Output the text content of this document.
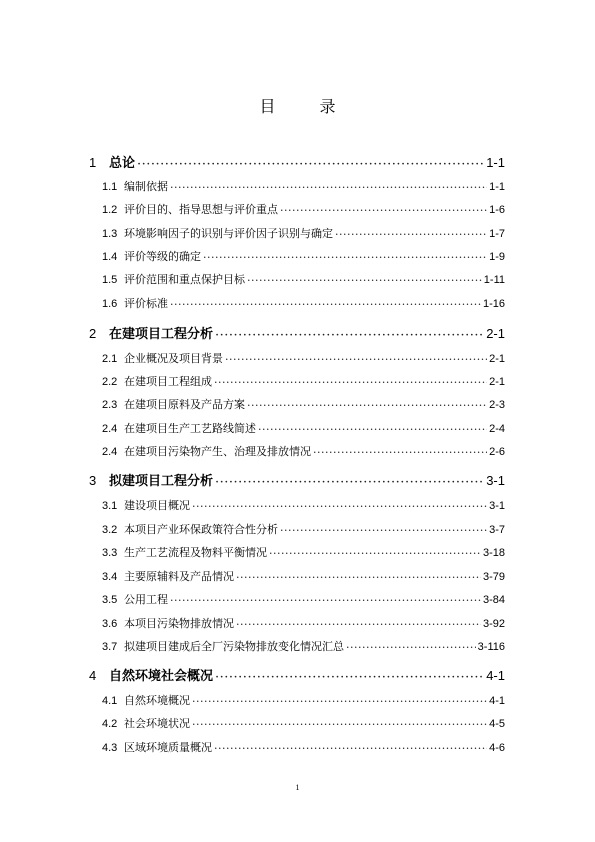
目　录
1 总论 ·····	1-1
1.1 编制依据 ·····	1-1
1.2 评价目的、指导思想与评价重点 ·····	1-6
1.3 环境影响因子的识别与评价因子识别与确定 ·····	1-7
1.4 评价等级的确定 ·····	1-9
1.5 评价范围和重点保护目标 ·····	1-11
1.6 评价标准 ·····	1-16
2 在建项目工程分析 ·····	2-1
2.1 企业概况及项目背景 ·····	2-1
2.2 在建项目工程组成 ·····	2-1
2.3 在建项目原料及产品方案 ·····	2-3
2.4 在建项目生产工艺路线简述 ·····	2-4
2.4 在建项目污染物产生、治理及排放情况 ·····	2-6
3 拟建项目工程分析 ·····	3-1
3.1 建设项目概况 ·····	3-1
3.2 本项目产业环保政策符合性分析 ·····	3-7
3.3 生产工艺流程及物料平衡情况 ·····	3-18
3.4 主要原辅料及产品情况 ·····	3-79
3.5 公用工程 ·····	3-84
3.6 本项目污染物排放情况 ·····	3-92
3.7 拟建项目建成后全厂污染物排放变化情况汇总 ·····	3-116
4 自然环境社会概况 ·····	4-1
4.1 自然环境概况 ·····	4-1
4.2 社会环境状况 ·····	4-5
4.3 区域环境质量概况 ·····	4-6
1
